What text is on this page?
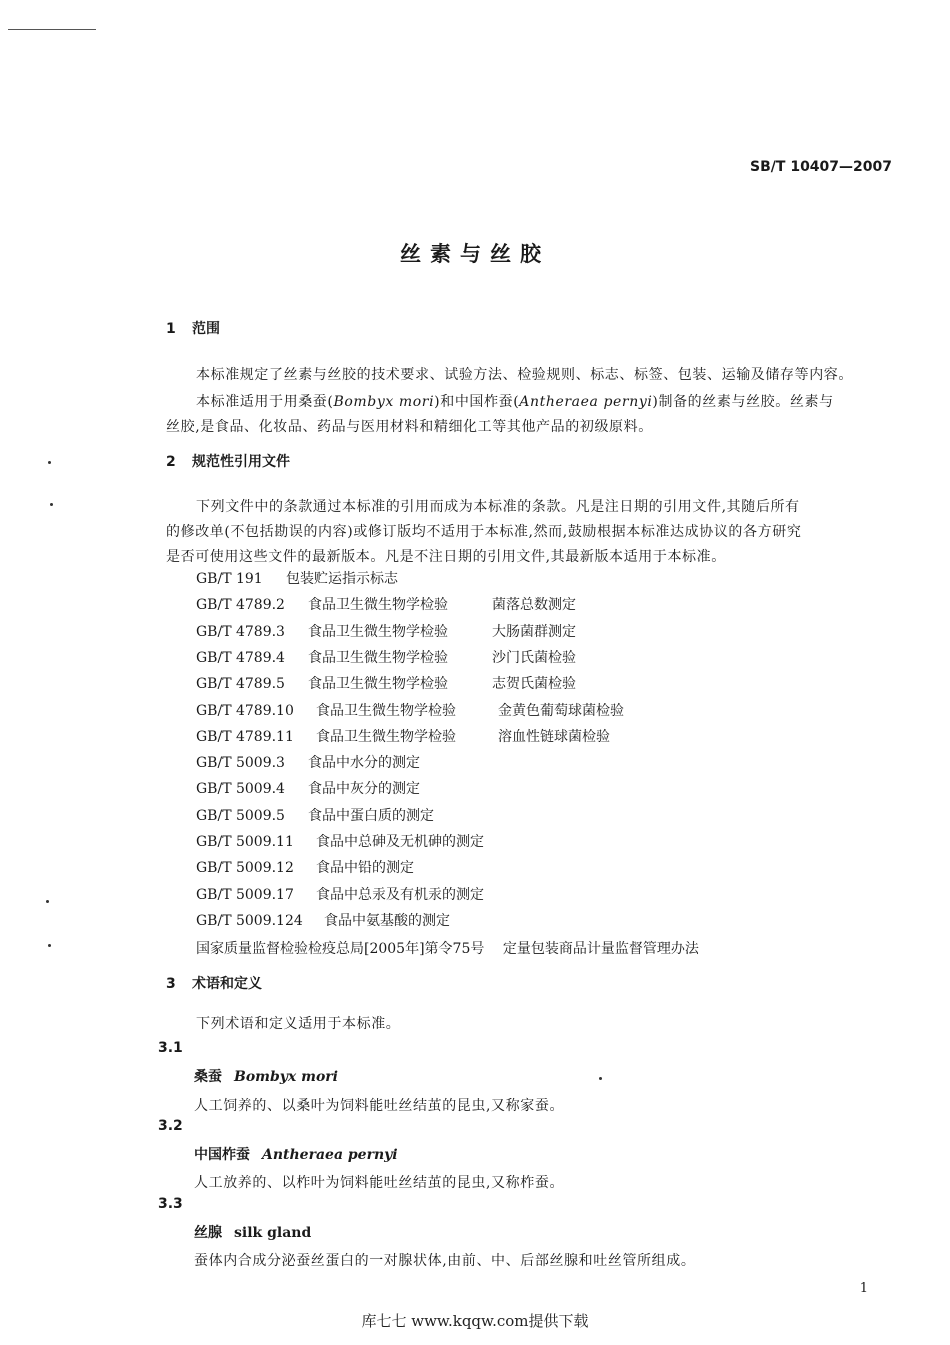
SB/T 10407—2007
丝素与丝胶
1 范围
本标准规定了丝素与丝胶的技术要求、试验方法、检验规则、标志、标签、包装、运输及储存等内容。
本标准适用于用桑蚕(Bombyx mori)和中国柞蚕(Antheraea pernyi)制备的丝素与丝胶。丝素与
丝胶,是食品、化妆品、药品与医用材料和精细化工等其他产品的初级原料。
2 规范性引用文件
下列文件中的条款通过本标准的引用而成为本标准的条款。凡是注日期的引用文件,其随后所有
的修改单(不包括勘误的内容)或修订版均不适用于本标准,然而,鼓励根据本标准达成协议的各方研究
是否可使用这些文件的最新版本。凡是不注日期的引用文件,其最新版本适用于本标准。
GB/T 191 包装贮运指示标志
GB/T 4789.2 食品卫生微生物学检验	菌落总数测定
GB/T 4789.3 食品卫生微生物学检验	大肠菌群测定
GB/T 4789.4 食品卫生微生物学检验	沙门氏菌检验
GB/T 4789.5 食品卫生微生物学检验	志贺氏菌检验
GB/T 4789.10 食品卫生微生物学检验	金黄色葡萄球菌检验
GB/T 4789.11 食品卫生微生物学检验	溶血性链球菌检验
GB/T 5009.3 食品中水分的测定
GB/T 5009.4 食品中灰分的测定
GB/T 5009.5 食品中蛋白质的测定
GB/T 5009.11 食品中总砷及无机砷的测定
GB/T 5009.12 食品中铅的测定
GB/T 5009.17 食品中总汞及有机汞的测定
GB/T 5009.124 食品中氨基酸的测定
国家质量监督检验检疫总局[2005年]第令75号 定量包装商品计量监督管理办法
3 术语和定义
下列术语和定义适用于本标准。
3.1
桑蚕 Bombyx mori
人工饲养的、以桑叶为饲料能吐丝结茧的昆虫,又称家蚕。
3.2
中国柞蚕 Antheraea pernyi
人工放养的、以柞叶为饲料能吐丝结茧的昆虫,又称柞蚕。
3.3
丝腺 silk gland
蚕体内合成分泌蚕丝蛋白的一对腺状体,由前、中、后部丝腺和吐丝管所组成。
1
库七七 www.kqqw.com提供下载
